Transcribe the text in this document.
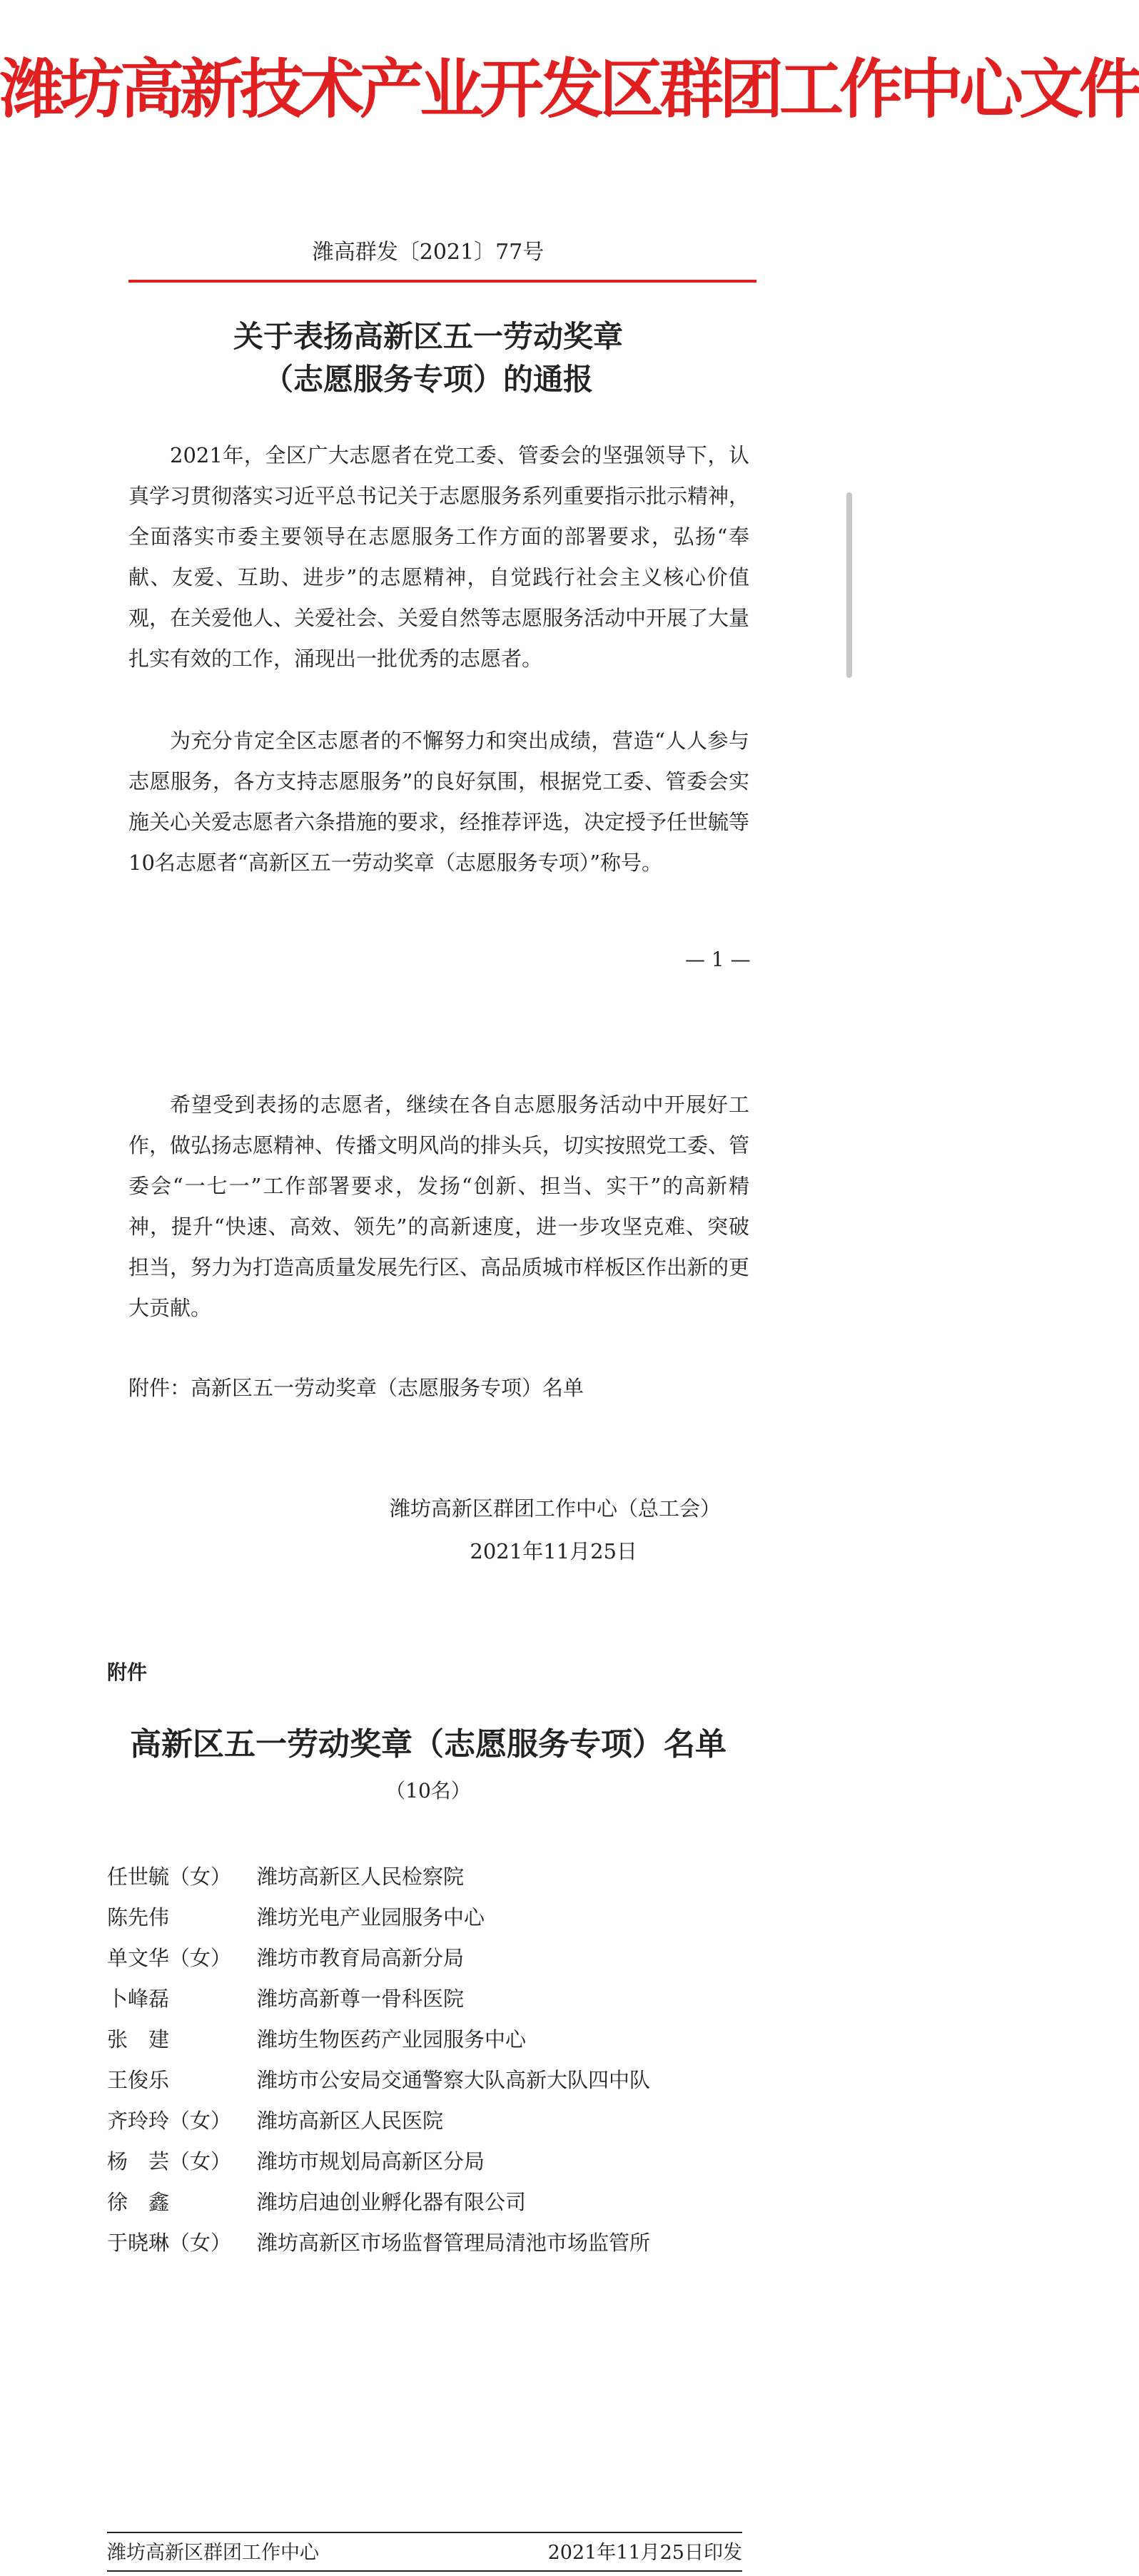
潍坊高新技术产业开发区群团工作中心文件
潍高群发〔2021〕77号
关于表扬高新区五一劳动奖章
（志愿服务专项）的通报
2021年，全区广大志愿者在党工委、管委会的坚强领导下，认真学习贯彻落实习近平总书记关于志愿服务系列重要指示批示精神，全面落实市委主要领导在志愿服务工作方面的部署要求，弘扬“奉献、友爱、互助、进步”的志愿精神，自觉践行社会主义核心价值观，在关爱他人、关爱社会、关爱自然等志愿服务活动中开展了大量扎实有效的工作，涌现出一批优秀的志愿者。
为充分肯定全区志愿者的不懈努力和突出成绩，营造“人人参与志愿服务，各方支持志愿服务”的良好氛围，根据党工委、管委会实施关心关爱志愿者六条措施的要求，经推荐评选，决定授予任世毓等10名志愿者“高新区五一劳动奖章（志愿服务专项）”称号。
— 1 —
希望受到表扬的志愿者，继续在各自志愿服务活动中开展好工作，做弘扬志愿精神、传播文明风尚的排头兵，切实按照党工委、管委会“一七一”工作部署要求，发扬“创新、担当、实干”的高新精神，提升“快速、高效、领先”的高新速度，进一步攻坚克难、突破担当，努力为打造高质量发展先行区、高品质城市样板区作出新的更大贡献。
附件：高新区五一劳动奖章（志愿服务专项）名单
潍坊高新区群团工作中心（总工会）
2021年11月25日
附件
高新区五一劳动奖章（志愿服务专项）名单
（10名）
任世毓（女）	潍坊高新区人民检察院
陈先伟	潍坊光电产业园服务中心
单文华（女）	潍坊市教育局高新分局
卜峰磊	潍坊高新尊一骨科医院
张　建	潍坊生物医药产业园服务中心
王俊乐	潍坊市公安局交通警察大队高新大队四中队
齐玲玲（女）	潍坊高新区人民医院
杨　芸（女）	潍坊市规划局高新区分局
徐　鑫	潍坊启迪创业孵化器有限公司
于晓琳（女）	潍坊高新区市场监督管理局清池市场监管所
潍坊高新区群团工作中心	2021年11月25日印发
